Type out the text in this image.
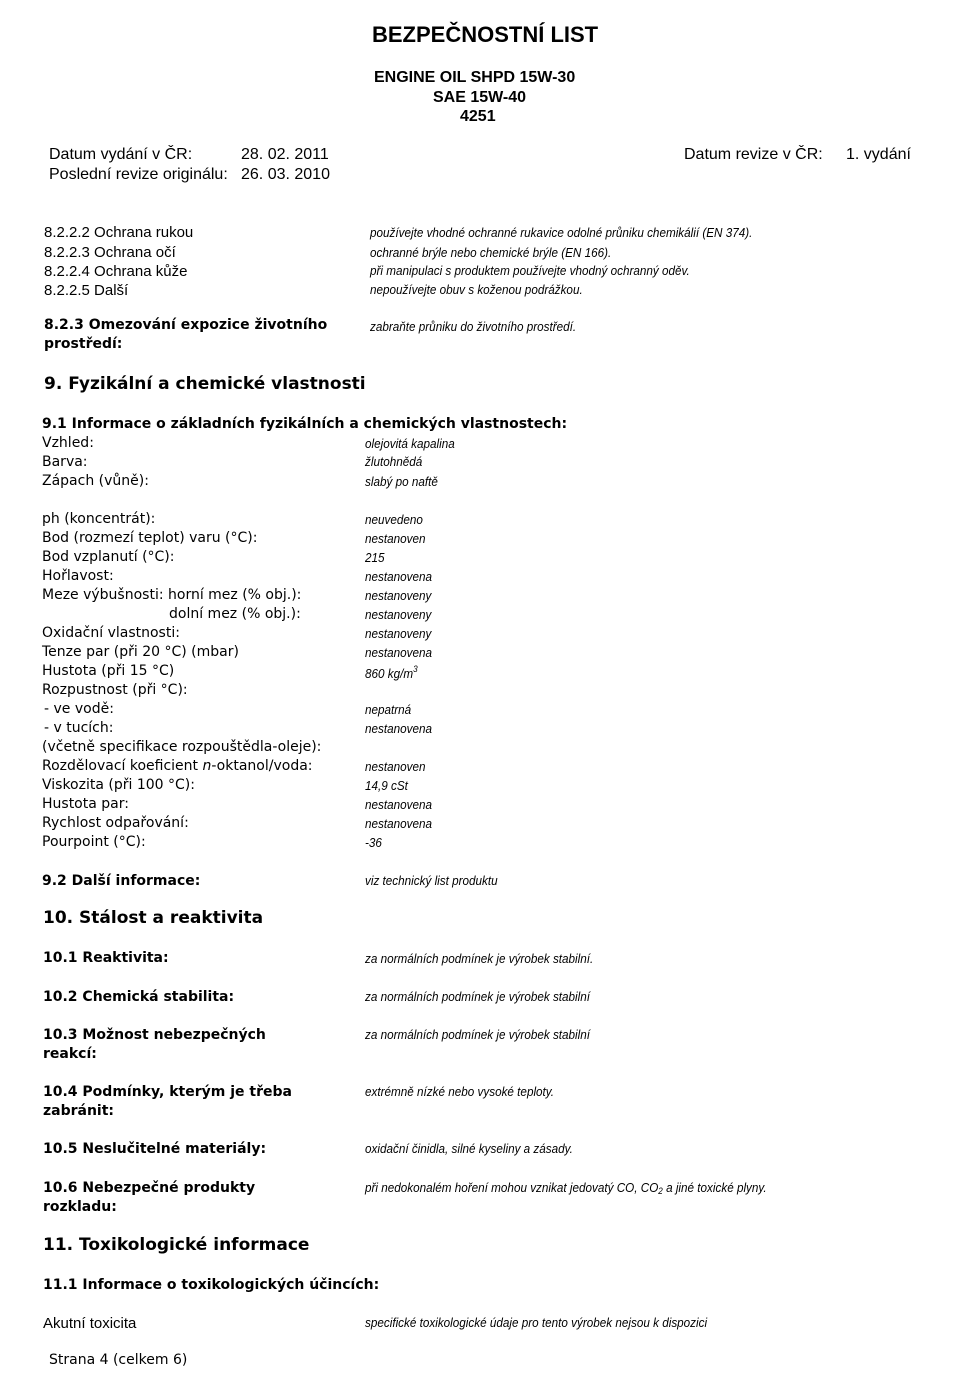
BEZPEČNOSTNÍ LIST
ENGINE OIL SHPD 15W-30
SAE 15W-40
4251
Datum vydání v ČR:	28. 02. 2011	Datum revize v ČR: 1. vydání
Poslední revize originálu: 26. 03. 2010
8.2.2.2 Ochrana rukou	používejte vhodné ochranné rukavice odolné průniku chemikálií (EN 374).
8.2.2.3 Ochrana očí	ochranné brýle nebo chemické brýle (EN 166).
8.2.2.4 Ochrana kůže	při manipulaci s produktem používejte vhodný ochranný oděv.
8.2.2.5 Další	nepoužívejte obuv s koženou podrážkou.
8.2.3 Omezování expozice životního
prostředí:
zabraňte průniku do životního prostředí.
9. Fyzikální a chemické vlastnosti
9.1 Informace o základních fyzikálních a chemických vlastnostech:
Vzhled:	olejovitá kapalina
Barva:	žlutohnědá
Zápach (vůně):	slabý po naftě
ph (koncentrát):	neuvedeno
Bod (rozmezí teplot) varu (°C):	nestanoven
Bod vzplanutí (°C):	215
Hořlavost:	nestanovena
Meze výbušnosti: horní mez (% obj.):	nestanoveny
dolní mez (% obj.):	nestanoveny
Oxidační vlastnosti:	nestanoveny
Tenze par (při 20 °C) (mbar)	nestanovena
Hustota (při 15 °C)	860 $kg/m^3$
Rozpustnost (při °C):
- ve vodě:	nepatrná
- v tucích:	nestanovena
(včetně specifikace rozpouštědla-oleje):
Rozdělovací koeficient n-oktanol/voda:	nestanoven
Viskozita (při 100 °C):	14,9 cSt
Hustota par:	nestanovena
Rychlost odpařování:	nestanovena
Pourpoint (°C):	-36
9.2 Další informace:	viz technický list produktu
10. Stálost a reaktivita
10.1 Reaktivita:	za normálních podmínek je výrobek stabilní.
10.2 Chemická stabilita:	za normálních podmínek je výrobek stabilní
10.3 Možnost nebezpečných
reakcí:
za normálních podmínek je výrobek stabilní
10.4 Podmínky, kterým je třeba
zabránit:
extrémně nízké nebo vysoké teploty.
10.5 Neslučitelné materiály:	oxidační činidla, silné kyseliny a zásady.
10.6 Nebezpečné produkty
rozkladu:
při nedokonalém hoření mohou vznikat jedovatý CO, $CO_2$ a jiné toxické plyny.
11. Toxikologické informace
11.1 Informace o toxikologických účincích:
Akutní toxicita	specifické toxikologické údaje pro tento výrobek nejsou k dispozici
Strana 4 (celkem 6)
